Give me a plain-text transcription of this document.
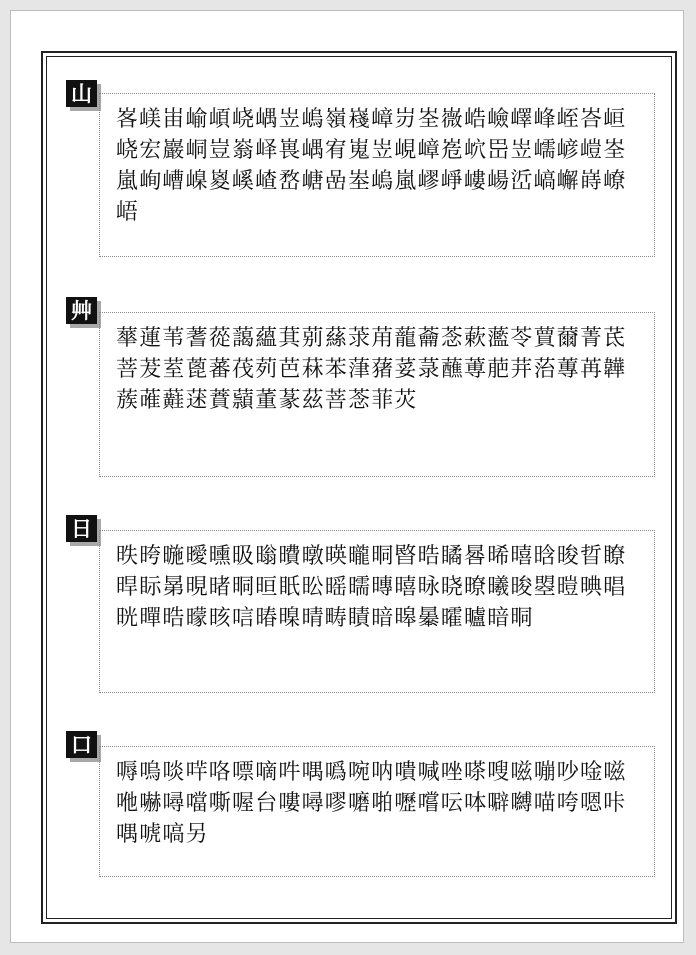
山

峉嵄峀崳崸峣嵎岦嵨嶺嶘嶂岃峑嶶峼嶮嶧峰峌峇峘峣宏巖峒豈嵡峄嵔嵎宥嵬岦峴嶂峞岤岊岦嶿嵃嵦峑嵐峋嶆嵲嵏嵠嵖嵍嵣嵒峚嵨嵐嵺崢嶁崵峾嵪嶰嵵嶛峿

艸

蕐蓮苇蓍蓯藹蘊萁莂蕬莍苚蘢蘥菍蔌蘫苓蕒薾菁茋菩茇荎蓖蕃茷茢芭菻苯葏蕏荽菉蘸蒪萉茾菭蓴苒韡蔟蓶蘳蒁蕡蘏董蒃茲菩菍菲苂

日

昳晇暆曖曛昅暡曊暾暎曨晍暋晧瞲晷晞暿晗晙晢瞭晘眎晜晛暏晍晅眂昖暚曘暷暿昹晓暸曦晙曌暟晪晿晄暺晧曚晐唁暙暞晴畴瞔暗暤曓曤曥暗晍

口

嗕嗚啖哶咯嘌嘀吽喁噅啘呐嘳喊唑嗏嗖嗞嘣吵唫嗞咃嚇噚噹嘶喔台嘍噚嘐嚰啪嚦嚐呍呠噼嚩喵咵嗯咔喁唬嗃另
